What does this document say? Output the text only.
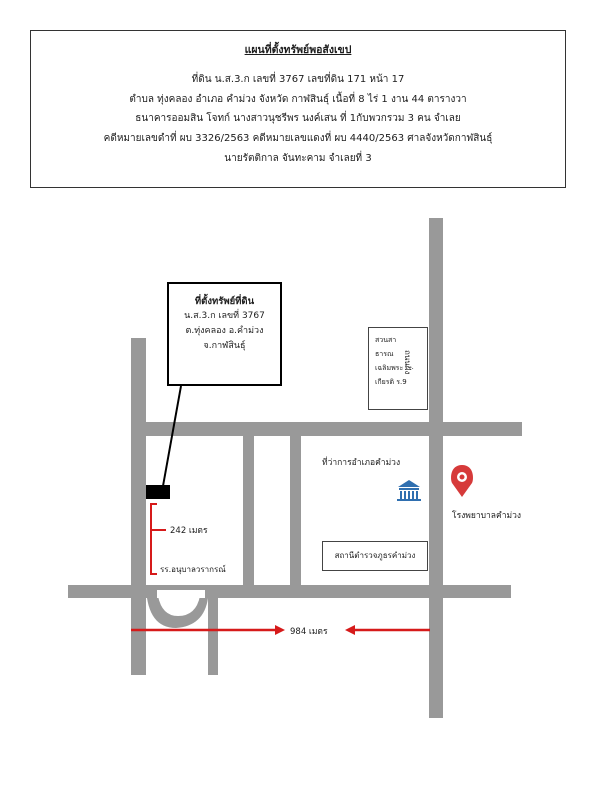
แผนที่ตั้งทรัพย์พอสังเขป
ที่ดิน น.ส.3.ก เลขที่ 3767 เลขที่ดิน 171 หน้า 17
ตำบล ทุ่งคลอง อำเภอ คำม่วง จังหวัด กาฬสินธุ์ เนื้อที่ 8 ไร่ 1 งาน 44 ตารางวา
ธนาคารออมสิน โจทก์ นางสาวนุชรีพร นงค์เสน ที่ 1กับพวกรวม 3 คน จำเลย
คดีหมายเลขดำที่ ผบ 3326/2563 คดีหมายเลขแดงที่ ผบ 4440/2563 ศาลจังหวัดกาฬสินธุ์
นายรัตติกาล จันทะคาม จำเลยที่ 3
ที่ตั้งทรัพย์ที่ดิน
น.ส.3.ก เลขที่ 3767
ต.ทุ่งคลอง อ.คำม่วง
จ.กาฬสินธุ์
สวนสา
ธารณ
เฉลิมพระ
เกียรติ ร.9
ถนนฝั่ง
ที่ว่าการอำเภอคำม่วง
โรงพยาบาลคำม่วง
สถานีตำรวจภูธรคำม่วง
242 เมตร
รร.อนุบาลวรากรณ์
984 เมตร
